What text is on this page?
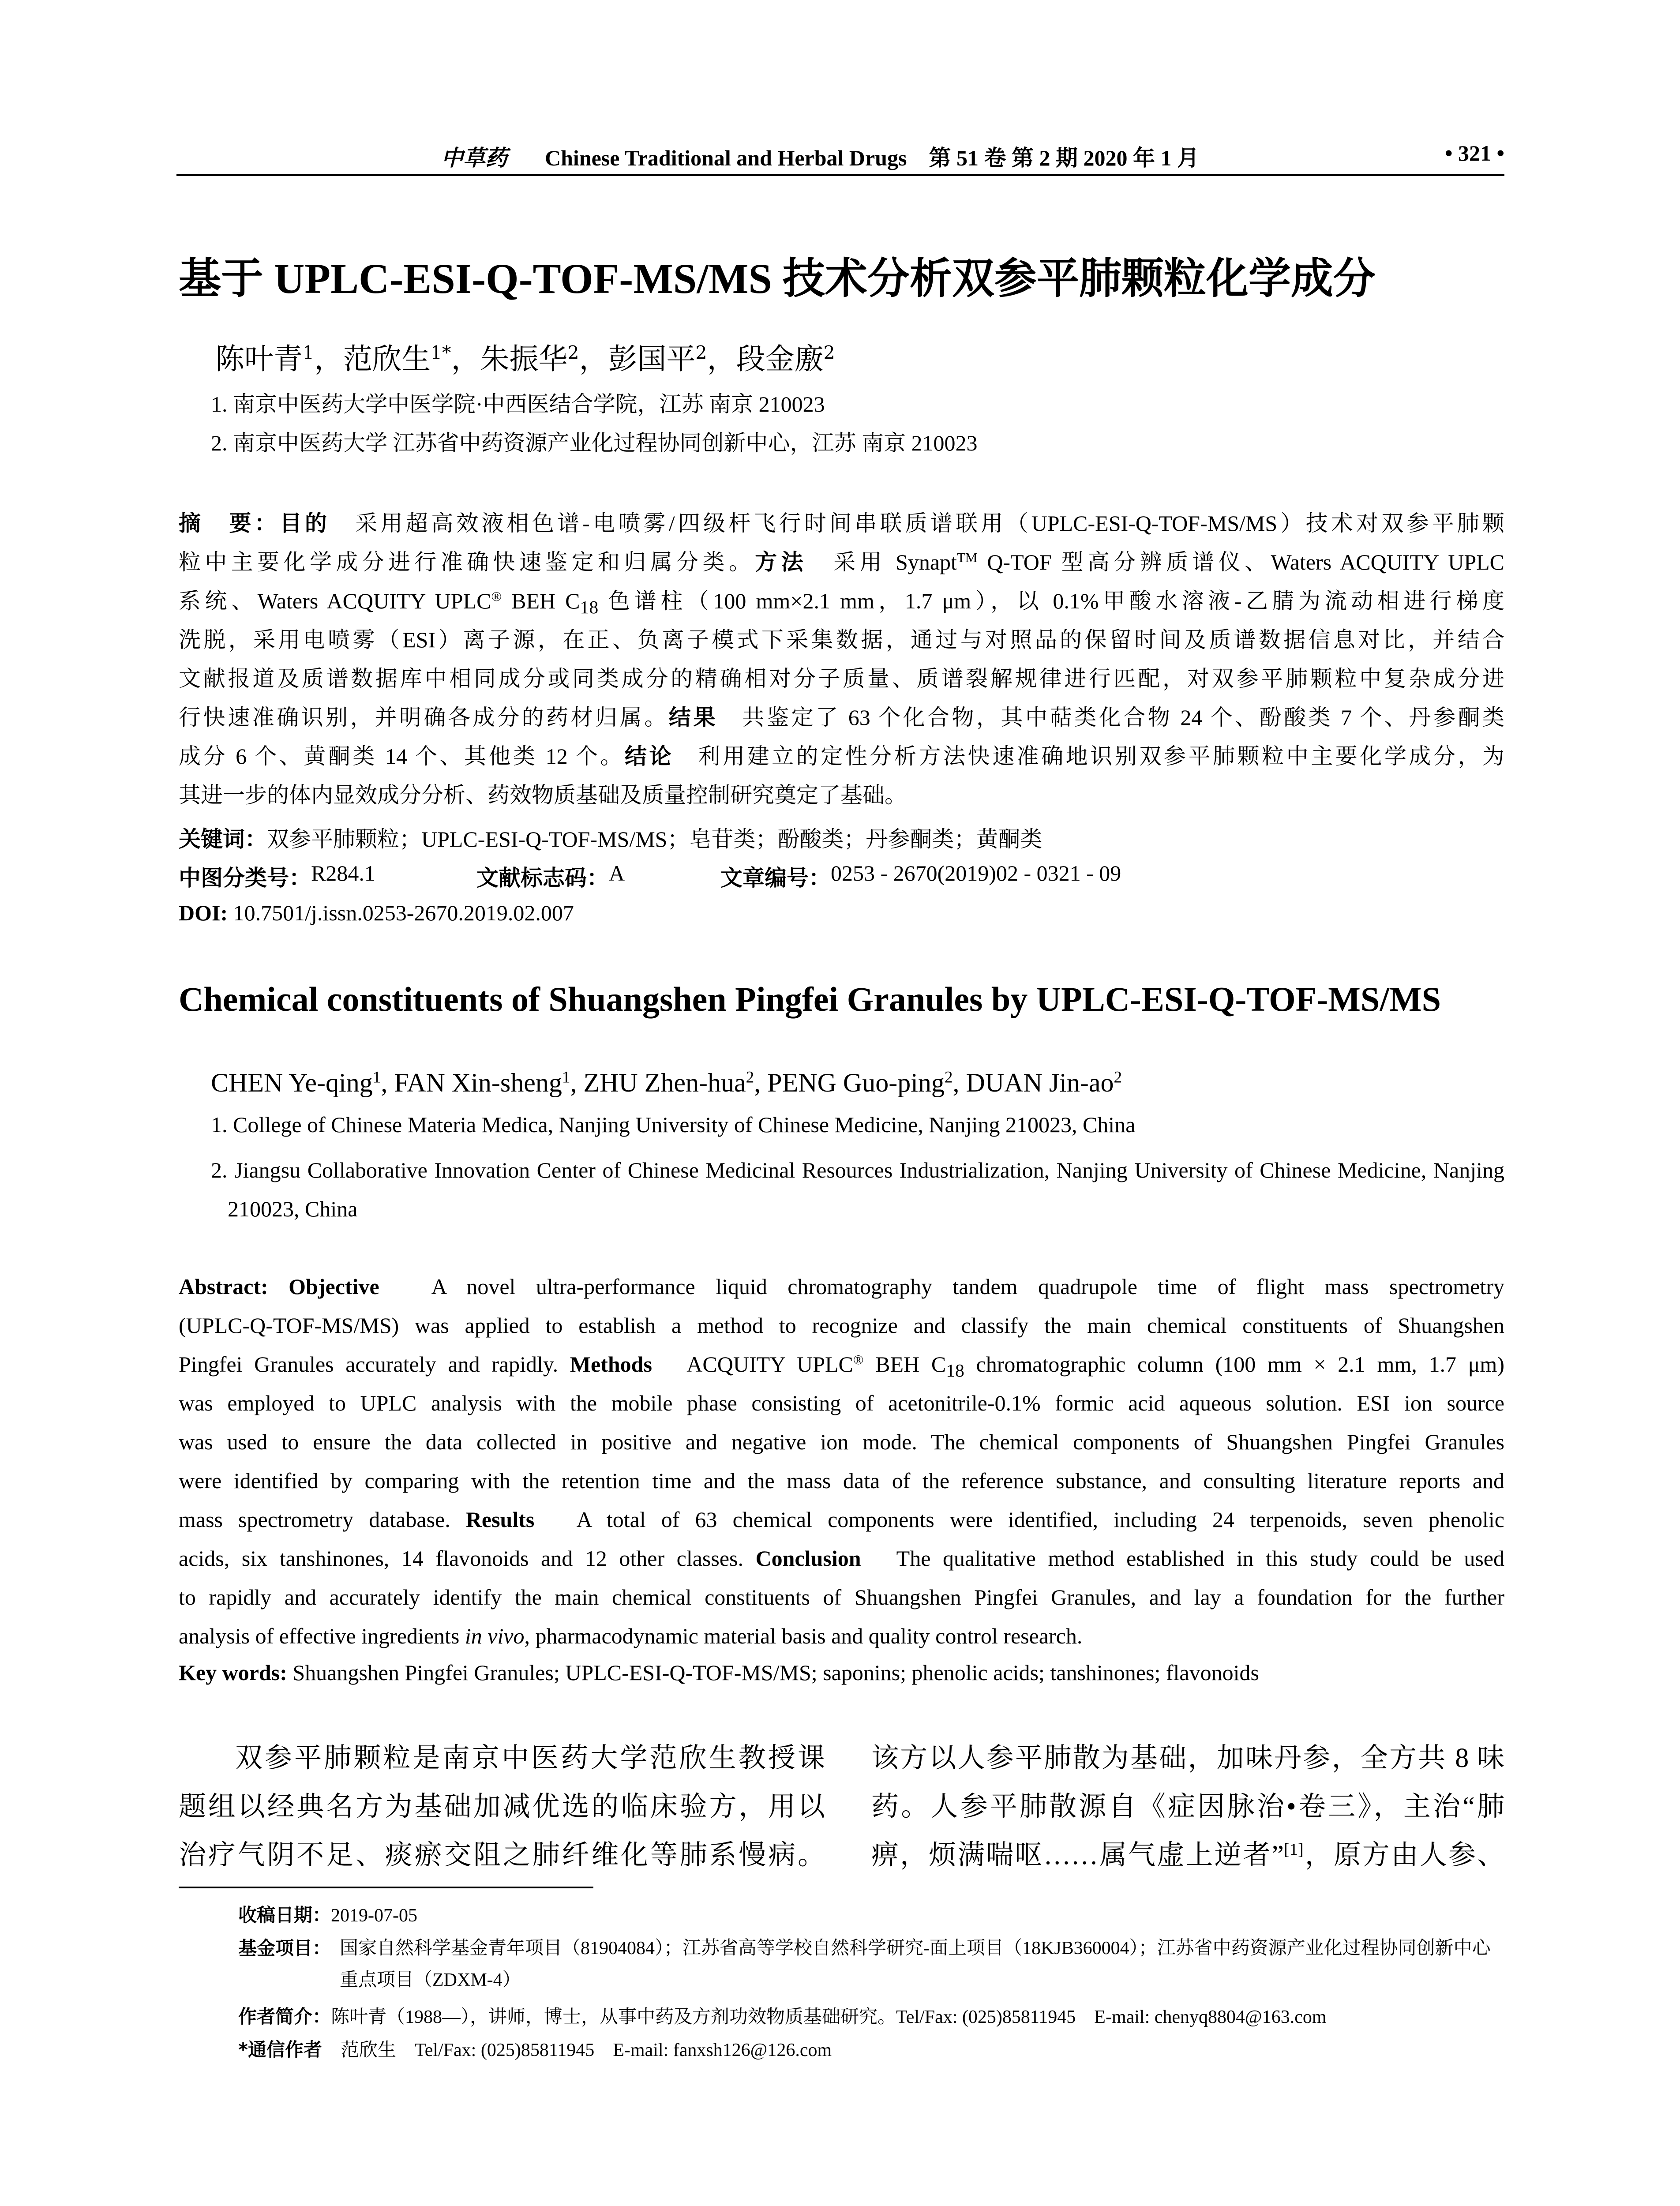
中草药 Chinese Traditional and Herbal Drugs　第 51 卷 第 2 期 2020 年 1 月	• 321 •
基于 UPLC-ESI-Q-TOF-MS/MS 技术分析双参平肺颗粒化学成分
陈叶青$^1$，范欣生$^{1*}$，朱振华$^2$，彭国平$^2$，段金廒$^2$
1. 南京中医药大学中医学院·中西医结合学院，江苏 南京 210023
2. 南京中医药大学 江苏省中药资源产业化过程协同创新中心，江苏 南京 210023
摘　要：目的　采用超高效液相色谱-电喷雾/四级杆飞行时间串联质谱联用（UPLC-ESI-Q-TOF-MS/MS）技术对双参平肺颗
粒中主要化学成分进行准确快速鉴定和归属分类。方法　采用 Synapt™ Q-TOF 型高分辨质谱仪、Waters ACQUITY UPLC
系统、Waters ACQUITY UPLC® BEH $C_{18}$ 色谱柱（100 mm×2.1 mm，1.7 μm），以 0.1%甲酸水溶液-乙腈为流动相进行梯度
洗脱，采用电喷雾（ESI）离子源，在正、负离子模式下采集数据，通过与对照品的保留时间及质谱数据信息对比，并结合
文献报道及质谱数据库中相同成分或同类成分的精确相对分子质量、质谱裂解规律进行匹配，对双参平肺颗粒中复杂成分进
行快速准确识别，并明确各成分的药材归属。结果　共鉴定了 63 个化合物，其中萜类化合物 24 个、酚酸类 7 个、丹参酮类
成分 6 个、黄酮类 14 个、其他类 12 个。结论　利用建立的定性分析方法快速准确地识别双参平肺颗粒中主要化学成分，为
其进一步的体内显效成分分析、药效物质基础及质量控制研究奠定了基础。
关键词：双参平肺颗粒；UPLC-ESI-Q-TOF-MS/MS；皂苷类；酚酸类；丹参酮类；黄酮类
中图分类号： R284.1	文献标志码： A	文章编号： 0253 - 2670(2019)02 - 0321 - 09
DOI: 10.7501/j.issn.0253-2670.2019.02.007
Chemical constituents of Shuangshen Pingfei Granules by UPLC-ESI-Q-TOF-MS/MS
CHEN Ye-qing$^1$, FAN Xin-sheng$^1$, ZHU Zhen-hua$^2$, PENG Guo-ping$^2$, DUAN Jin-$ao^2$
1. College of Chinese Materia Medica, Nanjing University of Chinese Medicine, Nanjing 210023, China
2. Jiangsu Collaborative Innovation Center of Chinese Medicinal Resources Industrialization, Nanjing University of Chinese Medicine, Nanjing 210023, China
Abstract: Objective　A novel ultra-performance liquid chromatography tandem quadrupole time of flight mass spectrometry
(UPLC-Q-TOF-MS/MS) was applied to establish a method to recognize and classify the main chemical constituents of Shuangshen
Pingfei Granules accurately and rapidly. Methods　ACQUITY UPLC® BEH $C_{18}$ chromatographic column (100 mm × 2.1 mm, 1.7 μm)
was employed to UPLC analysis with the mobile phase consisting of acetonitrile-0.1% formic acid aqueous solution. ESI ion source
was used to ensure the data collected in positive and negative ion mode. The chemical components of Shuangshen Pingfei Granules
were identified by comparing with the retention time and the mass data of the reference substance, and consulting literature reports and
mass spectrometry database. Results　A total of 63 chemical components were identified, including 24 terpenoids, seven phenolic
acids, six tanshinones, 14 flavonoids and 12 other classes. Conclusion　The qualitative method established in this study could be used
to rapidly and accurately identify the main chemical constituents of Shuangshen Pingfei Granules, and lay a foundation for the further
analysis of effective ingredients in vivo, pharmacodynamic material basis and quality control research.
Key words: Shuangshen Pingfei Granules; UPLC-ESI-Q-TOF-MS/MS; saponins; phenolic acids; tanshinones; flavonoids
双参平肺颗粒是南京中医药大学范欣生教授课
题组以经典名方为基础加减优选的临床验方，用以
治疗气阴不足、痰瘀交阻之肺纤维化等肺系慢病。
该方以人参平肺散为基础，加味丹参，全方共 8 味
药。人参平肺散源自《症因脉治•卷三》，主治“肺
痹，烦满喘呕……属气虚上逆者”[1]，原方由人参、
收稿日期：2019-07-05
基金项目： 国家自然科学基金青年项目（81904084）；江苏省高等学校自然科学研究-面上项目（18KJB360004）；江苏省中药资源产业化过程协同创新中心重点项目（ZDXM-4）
作者简介：陈叶青（1988—），讲师，博士，从事中药及方剂功效物质基础研究。Tel/Fax: (025)85811945　E-mail: chenyq8804@163.com
*通信作者　范欣生　Tel/Fax: (025)85811945　E-mail: fanxsh126@126.com
